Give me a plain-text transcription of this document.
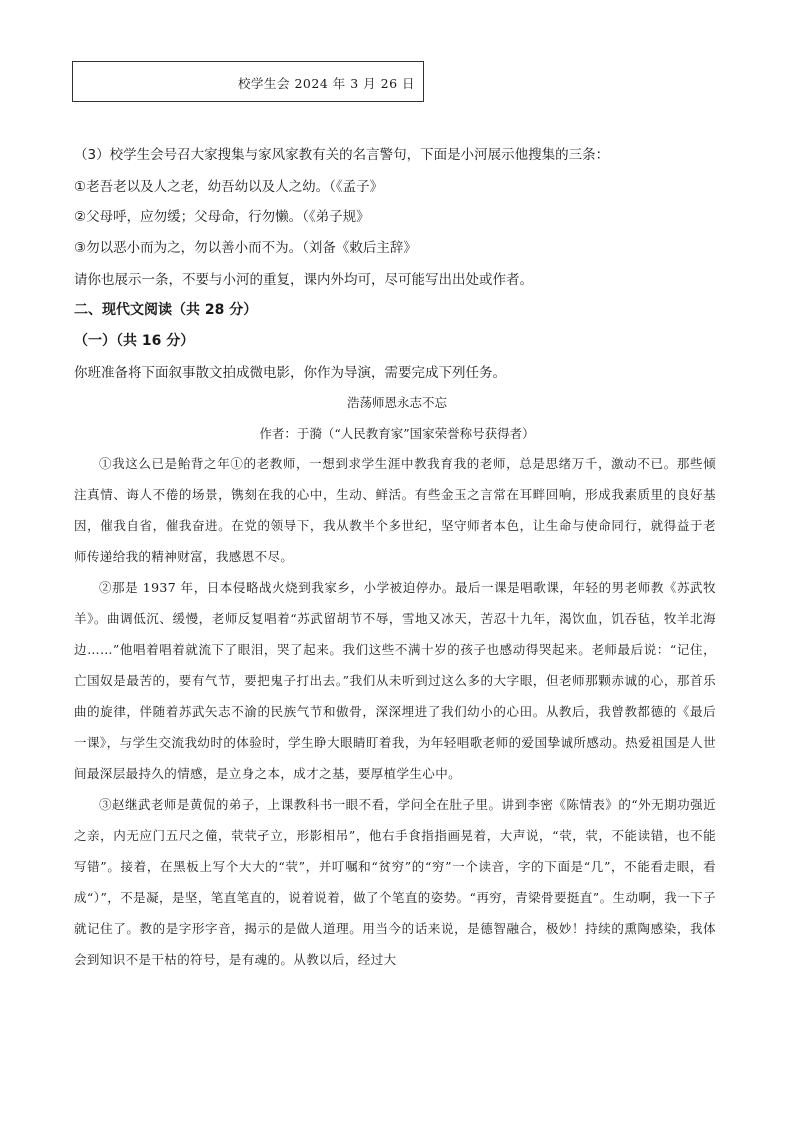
校学生会 2024 年 3 月 26 日
（3）校学生会号召大家搜集与家风家教有关的名言警句，下面是小河展示他搜集的三条：
①老吾老以及人之老，幼吾幼以及人之幼。（《孟子》
②父母呼，应勿缓；父母命，行勿懒。（《弟子规》
③勿以恶小而为之，勿以善小而不为。（刘备《敕后主辞》
请你也展示一条，不要与小河的重复，课内外均可，尽可能写出出处或作者。
二、现代文阅读（共 28 分）
（一）（共 16 分）
你班准备将下面叙事散文拍成微电影，你作为导演，需要完成下列任务。
浩荡师恩永志不忘
作者：于漪（“人民教育家”国家荣誉称号获得者）

①我这么已是鲐背之年①的老教师，一想到求学生涯中教我育我的老师，总是思绪万千，激动不已。那些倾注真情、诲人不倦的场景，镌刻在我的心中，生动、鲜活。有些金玉之言常在耳畔回响，形成我素质里的良好基因，催我自省，催我奋进。在党的领导下，我从教半个多世纪，坚守师者本色，让生命与使命同行，就得益于老师传递给我的精神财富，我感恩不尽。

②那是 1937 年，日本侵略战火烧到我家乡，小学被迫停办。最后一课是唱歌课，年轻的男老师教《苏武牧羊》。曲调低沉、缓慢，老师反复唱着“苏武留胡节不辱，雪地又冰天，苦忍十九年，渴饮血，饥吞毡，牧羊北海边……”他唱着唱着就流下了眼泪，哭了起来。我们这些不满十岁的孩子也感动得哭起来。老师最后说：“记住，亡国奴是最苦的，要有气节，要把鬼子打出去。”我们从未听到过这么多的大字眼，但老师那颗赤诚的心，那首乐曲的旋律，伴随着苏武矢志不渝的民族气节和傲骨，深深埋进了我们幼小的心田。从教后，我曾教都德的《最后一课》，与学生交流我幼时的体验时，学生睁大眼睛盯着我，为年轻唱歌老师的爱国挚诚所感动。热爱祖国是人世间最深层最持久的情感，是立身之本，成才之基，要厚植学生心中。

③赵继武老师是黄侃的弟子，上课教科书一眼不看，学问全在肚子里。讲到李密《陈情表》的“外无期功强近之亲，内无应门五尺之僮，茕茕孑立，形影相吊”，他右手食指指画晃着，大声说，“茕，茕，不能读错，也不能写错”。接着，在黑板上写个大大的“茕”，并叮嘱和“贫穷”的“穷”一个读音，字的下面是“几”，不能看走眼，看成“）”，不是凝，是坚，笔直笔直的，说着说着，做了个笔直的姿势。“再穷，青梁骨要挺直”。生动啊，我一下子就记住了。教的是字形字音，揭示的是做人道理。用当今的话来说，是德智融合，极妙！持续的熏陶感染，我体会到知识不是干枯的符号，是有魂的。从教以后，经过大
